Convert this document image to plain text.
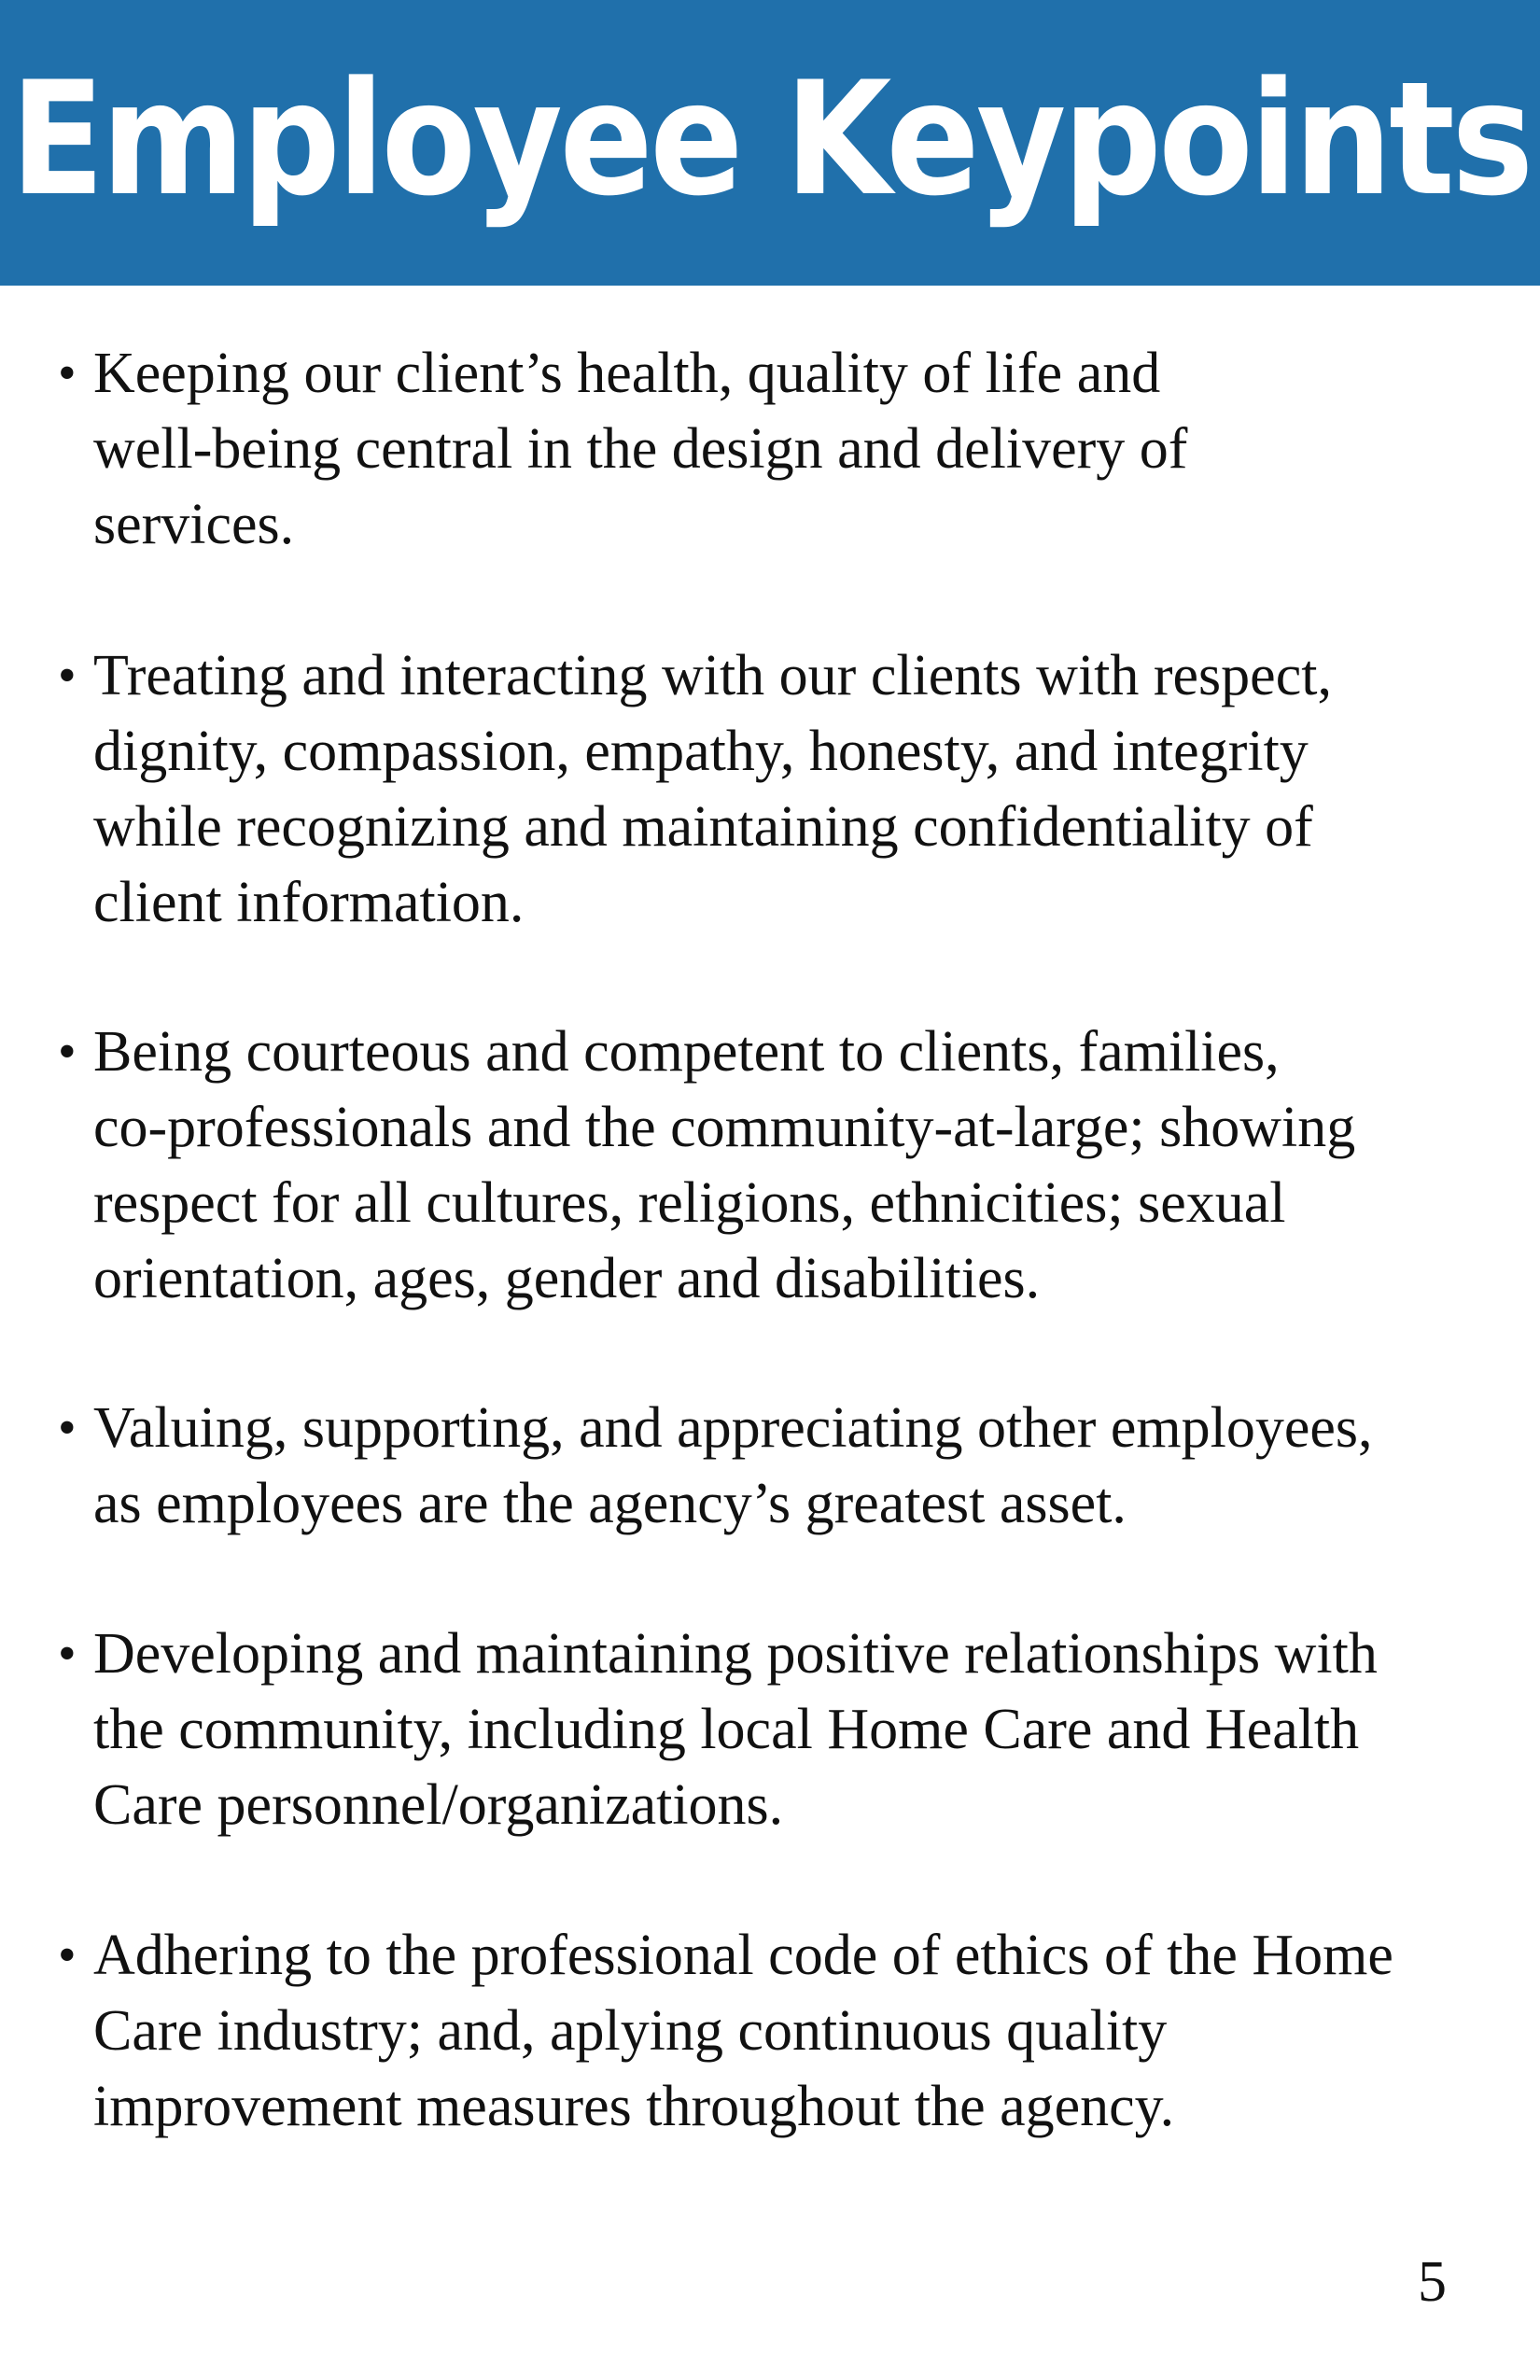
Employee Keypoints
• Keeping our client’s health, quality of life and
well-being central in the design and delivery of
services.
• Treating and interacting with our clients with respect,
dignity, compassion, empathy, honesty, and integrity
while recognizing and maintaining confidentiality of
client information.
• Being courteous and competent to clients, families,
co-professionals and the community-at-large; showing
respect for all cultures, religions, ethnicities; sexual
orientation, ages, gender and disabilities.
• Valuing, supporting, and appreciating other employees,
as employees are the agency’s greatest asset.
• Developing and maintaining positive relationships with
the community, including local Home Care and Health
Care personnel/organizations.
• Adhering to the professional code of ethics of the Home
Care industry; and, aplying continuous quality
improvement measures throughout the agency.
5
